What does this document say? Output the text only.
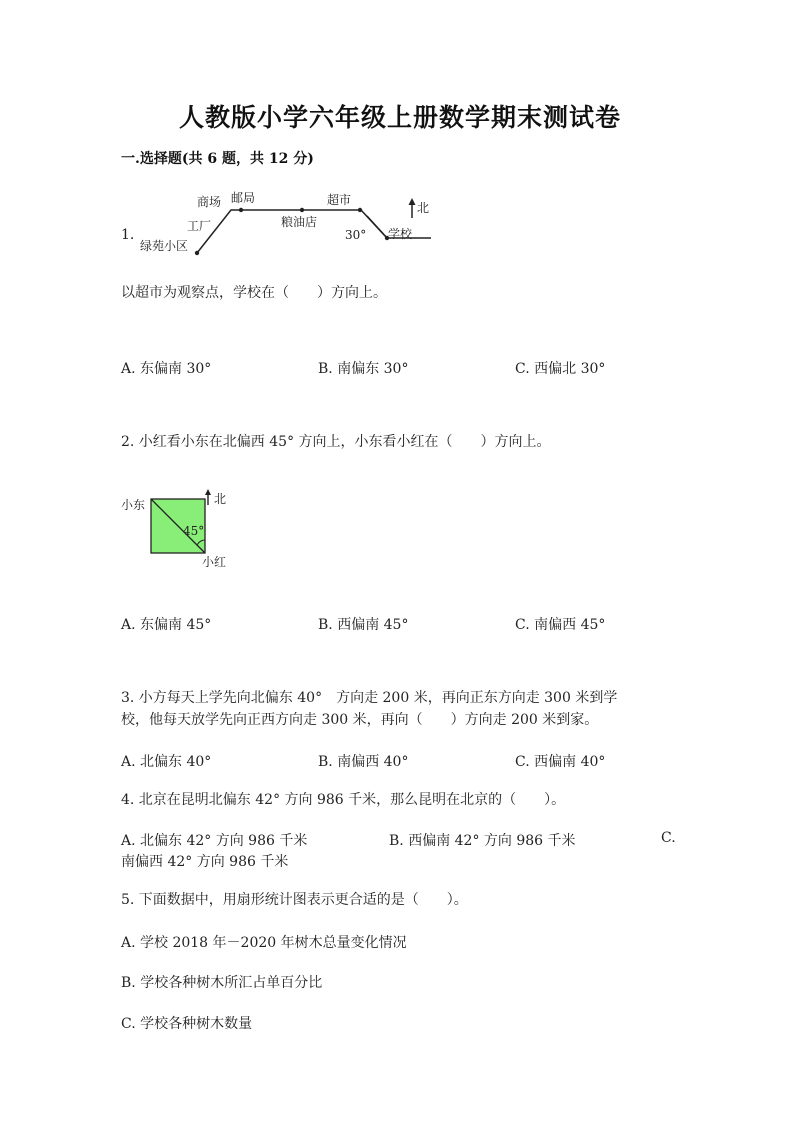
人教版小学六年级上册数学期末测试卷
一.选择题(共 6 题，共 12 分)
1.
商场 邮局
工厂
绿苑小区
粮油店
超市
学校
30°
北
以超市为观察点，学校在（　　）方向上。
A. 东偏南 30°	B. 南偏东 30°	C. 西偏北 30°
2. 小红看小东在北偏西 45° 方向上，小东看小红在（　　）方向上。
小东	北
45°
小红
A. 东偏南 45°	B. 西偏南 45°	C. 南偏西 45°
3. 小方每天上学先向北偏东 40°　方向走 200 米，再向正东方向走 300 米到学
校，他每天放学先向正西方向走 300 米，再向（　　）方向走 200 米到家。
A. 北偏东 40°	B. 南偏西 40°	C. 西偏南 40°
4. 北京在昆明北偏东 42° 方向 986 千米，那么昆明在北京的（　　）。
A. 北偏东 42° 方向 986 千米	B. 西偏南 42° 方向 986 千米	C.
南偏西 42° 方向 986 千米
5. 下面数据中，用扇形统计图表示更合适的是（　　）。
A. 学校 2018 年－2020 年树木总量变化情况
B. 学校各种树木所汇占单百分比
C. 学校各种树木数量
